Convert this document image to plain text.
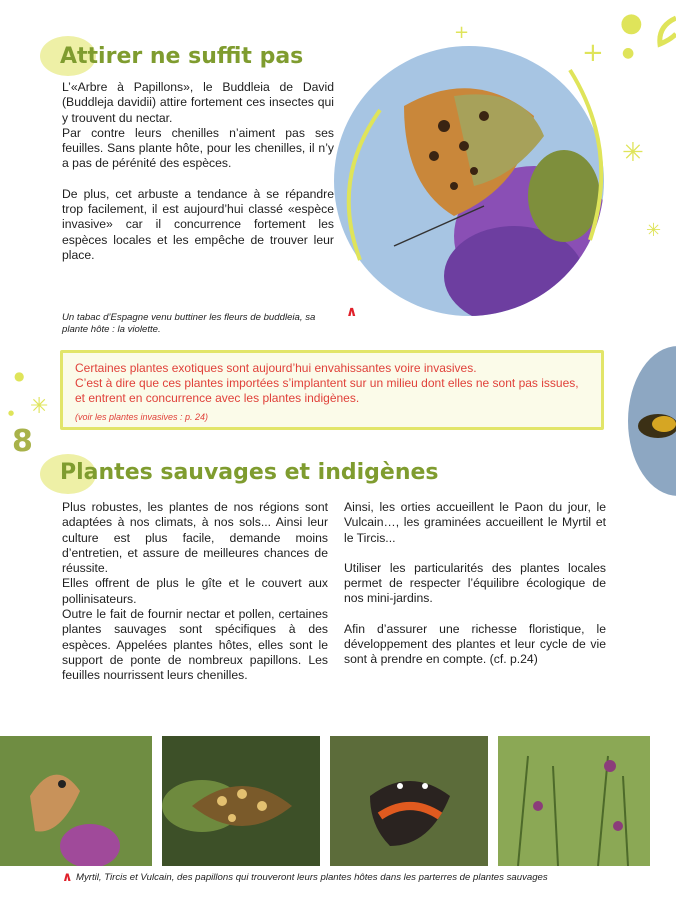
+
●
●
✳
✳
+
●
✳
●
Attirer ne suffit pas

L’«Arbre à Papillons», le Buddleia de David (Buddleja davidii) attire fortement ces insectes qui y trouvent du nectar.

Par contre leurs chenilles n’aiment pas ses feuilles. Sans plante hôte, pour les chenilles, il n’y a pas de pérénité des espèces.

De plus, cet arbuste a tendance à se répandre trop facilement, il est aujourd’hui classé «espèce invasive» car il concurrence fortement les espèces locales et les empêche de trouver leur place.

Un tabac d’Espagne venu buttiner les fleurs de buddleia, sa plante hôte : la violette.

∧

Certaines plantes exotiques sont aujourd’hui envahissantes voire invasives.

C’est à dire que ces plantes importées s’implantent sur un milieu dont elles ne sont pas issues, et entrent en concurrence avec les plantes indigènes.

(voir les plantes invasives : p. 24)
8
Plantes sauvages et indigènes

Plus robustes, les plantes de nos régions sont adaptées à nos climats, à nos sols... Ainsi leur culture est plus facile, demande moins d’entretien, et assure de meilleures chances de réussite.

Elles offrent de plus le gîte et le couvert aux pollinisateurs.

Outre le fait de fournir nectar et pollen, certaines plantes sauvages sont spécifiques à des espèces. Appelées plantes hôtes, elles sont le support de ponte de nombreux papillons. Les feuilles nourrissent leurs chenilles.

Ainsi, les orties accueillent le Paon du jour, le Vulcain…, les graminées accueillent le Myrtil et le Tircis...

Utiliser les particularités des plantes locales permet de respecter l’équilibre écologique de nos mini-jardins.

Afin d’assurer une richesse floristique, le développement des plantes et leur cycle de vie sont à prendre en compte. (cf. p.24)

∧ Myrtil, Tircis et Vulcain, des papillons qui trouveront leurs plantes hôtes dans les parterres de plantes sauvages
